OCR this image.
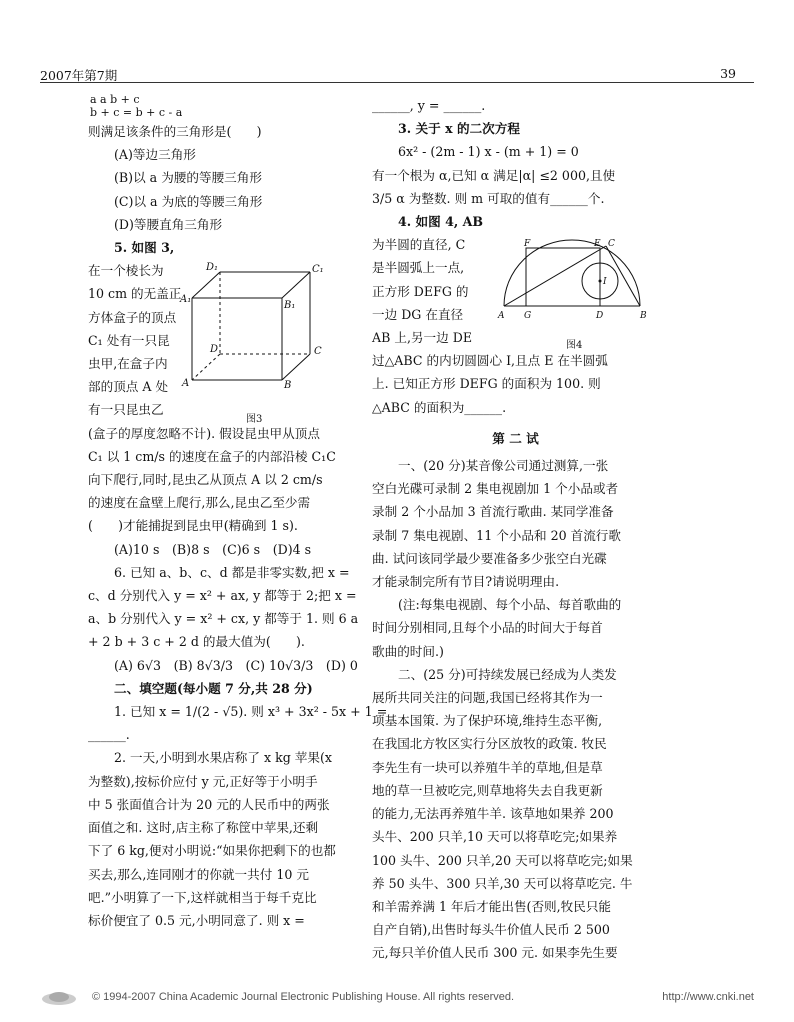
2007年第7期	39

a a b + c

b + c = b + c - a

则满足该条件的三角形是(　　)

(A)等边三角形

(B)以 a 为腰的等腰三角形

(C)以 a 为底的等腰三角形

(D)等腰直角三角形

5. 如图 3,

在一个棱长为

10 cm 的无盖正

方体盒子的顶点

C₁ 处有一只昆

虫甲,在盒子内

部的顶点 A 处

有一只昆虫乙

(盒子的厚度忽略不计). 假设昆虫甲从顶点

C₁ 以 1 cm/s 的速度在盒子的内部沿棱 C₁C

向下爬行,同时,昆虫乙从顶点 A 以 2 cm/s

的速度在盒壁上爬行,那么,昆虫乙至少需

(　　)才能捕捉到昆虫甲(精确到 1 s).

(A)10 s　(B)8 s　(C)6 s　(D)4 s

6. 已知 a、b、c、d 都是非零实数,把 x =

c、d 分别代入 y = x² + ax, y 都等于 2;把 x =

a、b 分别代入 y = x² + cx, y 都等于 1. 则 6 a

+ 2 b + 3 c + 2 d 的最大值为(　　).

(A) 6√3　(B) 8√3/3　(C) 10√3/3　(D) 0

二、填空题(每小题 7 分,共 28 分)

1. 已知 x = 1/(2 - √5). 则 x³ + 3x² - 5x + 1 =

______.

2. 一天,小明到水果店称了 x kg 苹果(x

为整数),按标价应付 y 元,正好等于小明手

中 5 张面值合计为 20 元的人民币中的两张

面值之和. 这时,店主称了称筐中苹果,还剩

下了 6 kg,便对小明说:“如果你把剩下的也都

买去,那么,连同刚才的你就一共付 10 元

吧.”小明算了一下,这样就相当于每千克比

标价便宜了 0.5 元,小明同意了. 则 x =

D₁	C₁
A₁
B₁
D	C
A	B
图3

______, y = ______.

3. 关于 x 的二次方程

6x² - (2m - 1) x - (m + 1) = 0

有一个根为 α,已知 α 满足|α| ≤2 000,且使

3/5 α 为整数. 则 m 可取的值有______个.

4. 如图 4, AB

为半圆的直径, C

是半圆弧上一点,

正方形 DEFG 的

一边 DG 在直径

AB 上,另一边 DE

过△ABC 的内切圆圆心 I,且点 E 在半圆弧

上. 已知正方形 DEFG 的面积为 100. 则

△ABC 的面积为______.

第 二 试

一、(20 分)某音像公司通过测算,一张

空白光碟可录制 2 集电视剧加 1 个小品或者

录制 2 个小品加 3 首流行歌曲. 某同学准备

录制 7 集电视剧、11 个小品和 20 首流行歌

曲. 试问该同学最少要准备多少张空白光碟

才能录制完所有节目?请说明理由.

(注:每集电视剧、每个小品、每首歌曲的

时间分别相同,且每个小品的时间大于每首

歌曲的时间.)

二、(25 分)可持续发展已经成为人类发

展所共同关注的问题,我国已经将其作为一

项基本国策. 为了保护环境,维持生态平衡,

在我国北方牧区实行分区放牧的政策. 牧民

李先生有一块可以养殖牛羊的草地,但是草

地的草一旦被吃完,则草地将失去自我更新

的能力,无法再养殖牛羊. 该草地如果养 200

头牛、200 只羊,10 天可以将草吃完;如果养

100 头牛、200 只羊,20 天可以将草吃完;如果

养 50 头牛、300 只羊,30 天可以将草吃完. 牛

和羊需养满 1 年后才能出售(否则,牧民只能

自产自销),出售时每头牛价值人民币 2 500

元,每只羊价值人民币 300 元. 如果李先生要

F	E C
I
A G	D	B
图4
© 1994-2007 China Academic Journal Electronic Publishing House. All rights reserved.	http://www.cnki.net
